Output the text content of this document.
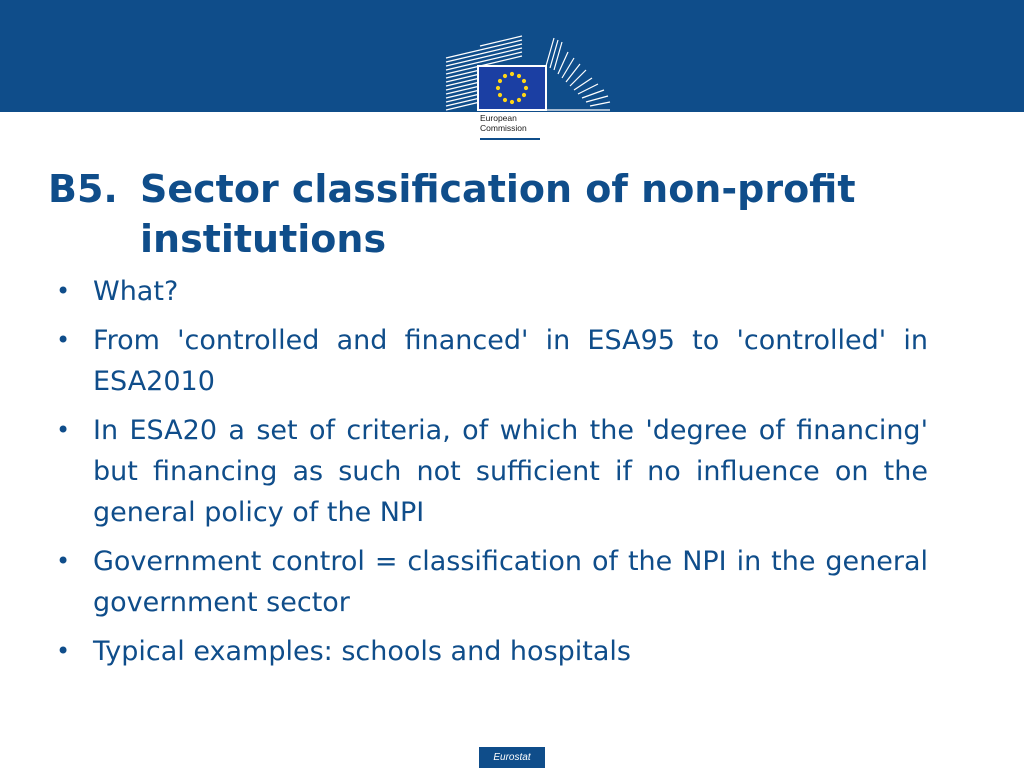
European
Commission
B5. Sector classification of non-profit
institutions
• What?
• From 'controlled and financed' in ESA95 to 'controlled' in ESA2010
• In ESA20 a set of criteria, of which the 'degree of financing' but financing as such not sufficient if no influence on the general policy of the NPI
• Government control = classification of the NPI in the general government sector
• Typical examples: schools and hospitals
Eurostat
